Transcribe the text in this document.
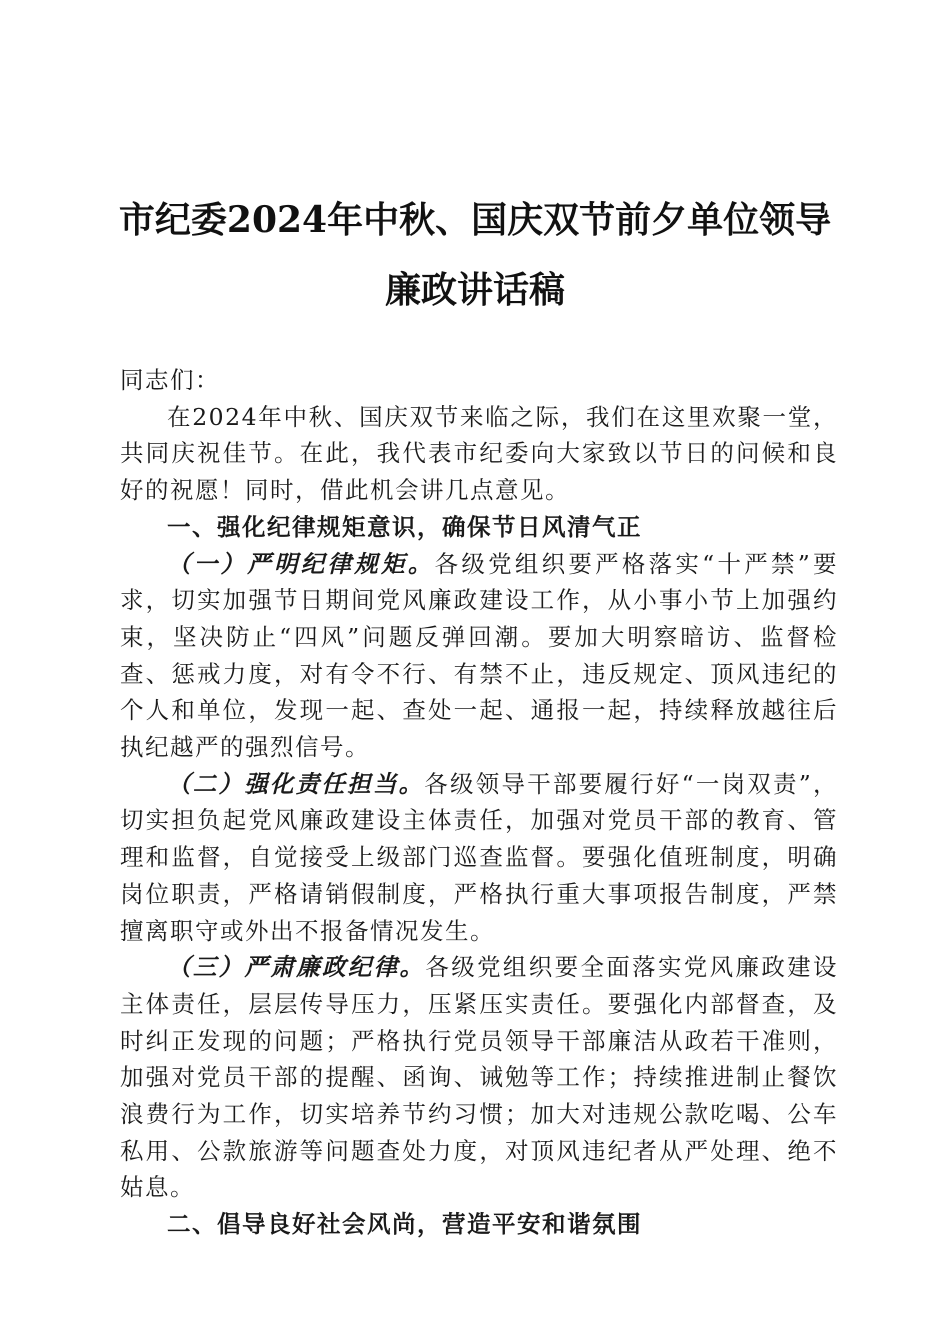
市纪委2024年中秋、国庆双节前夕单位领导
廉政讲话稿

同志们：

在2024年中秋、国庆双节来临之际，我们在这里欢聚一堂，共同庆祝佳节。在此，我代表市纪委向大家致以节日的问候和良好的祝愿！同时，借此机会讲几点意见。

一、强化纪律规矩意识，确保节日风清气正

（一）严明纪律规矩。各级党组织要严格落实“十严禁”要求，切实加强节日期间党风廉政建设工作，从小事小节上加强约束，坚决防止“四风”问题反弹回潮。要加大明察暗访、监督检查、惩戒力度，对有令不行、有禁不止，违反规定、顶风违纪的个人和单位，发现一起、查处一起、通报一起，持续释放越往后执纪越严的强烈信号。

（二）强化责任担当。各级领导干部要履行好“一岗双责”，切实担负起党风廉政建设主体责任，加强对党员干部的教育、管理和监督，自觉接受上级部门巡查监督。要强化值班制度，明确岗位职责，严格请销假制度，严格执行重大事项报告制度，严禁擅离职守或外出不报备情况发生。

（三）严肃廉政纪律。各级党组织要全面落实党风廉政建设主体责任，层层传导压力，压紧压实责任。要强化内部督查，及时纠正发现的问题；严格执行党员领导干部廉洁从政若干准则，加强对党员干部的提醒、函询、诫勉等工作；持续推进制止餐饮浪费行为工作，切实培养节约习惯；加大对违规公款吃喝、公车私用、公款旅游等问题查处力度，对顶风违纪者从严处理、绝不姑息。

二、倡导良好社会风尚，营造平安和谐氛围
